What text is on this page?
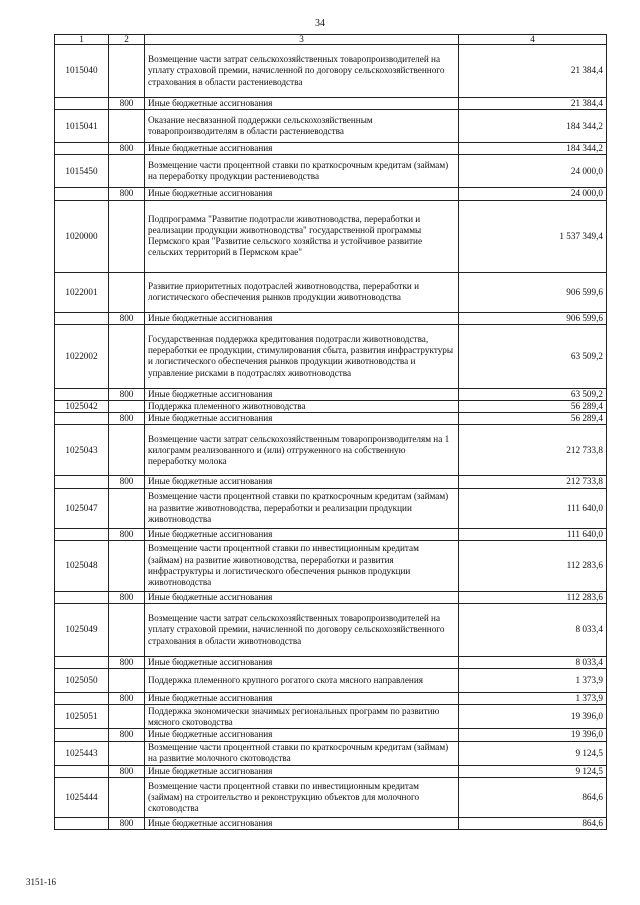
34
1	2	3	4
1015040		Возмещение части затрат сельскохозяйственных товаропроизводителей на уплату страховой премии, начисленной по договору сельскохозяйственного страхования в области растениеводства	21 384,4
	800	Иные бюджетные ассигнования	21 384,4
1015041		Оказание несвязанной поддержки сельскохозяйственным товаропроизводителям в области растениеводства	184 344,2
	800	Иные бюджетные ассигнования	184 344,2
1015450		Возмещение части процентной ставки по краткосрочным кредитам (займам) на переработку продукции растениеводства	24 000,0
	800	Иные бюджетные ассигнования	24 000,0
1020000		Подпрограмма "Развитие подотрасли животноводства, переработки и реализации продукции животноводства" государственной программы Пермского края "Развитие сельского хозяйства и устойчивое развитие сельских территорий в Пермском крае"	1 537 349,4
1022001		Развитие приоритетных подотраслей животноводства, переработки и логистического обеспечения рынков продукции животноводства	906 599,6
	800	Иные бюджетные ассигнования	906 599,6
1022002		Государственная поддержка кредитования подотрасли животноводства, переработки ее продукции, стимулирования сбыта, развития инфраструктуры и логистического обеспечения рынков продукции животноводства и управление рисками в подотраслях животноводства	63 509,2
	800	Иные бюджетные ассигнования	63 509,2
1025042		Поддержка племенного животноводства	56 289,4
	800	Иные бюджетные ассигнования	56 289,4
1025043		Возмещение части затрат сельскохозяйственным товаропроизводителям на 1 килограмм реализованного и (или) отгруженного на собственную переработку молока	212 733,8
	800	Иные бюджетные ассигнования	212 733,8
1025047		Возмещение части процентной ставки по краткосрочным кредитам (займам) на развитие животноводства, переработки и реализации продукции животноводства	111 640,0
	800	Иные бюджетные ассигнования	111 640,0
1025048		Возмещение части процентной ставки по инвестиционным кредитам (займам) на развитие животноводства, переработки и развития инфраструктуры и логистического обеспечения рынков продукции животноводства	112 283,6
	800	Иные бюджетные ассигнования	112 283,6
1025049		Возмещение части затрат сельскохозяйственных товаропроизводителей на уплату страховой премии, начисленной по договору сельскохозяйственного страхования в области животноводства	8 033,4
	800	Иные бюджетные ассигнования	8 033,4
1025050		Поддержка племенного крупного рогатого скота мясного направления	1 373,9
	800	Иные бюджетные ассигнования	1 373,9
1025051		Поддержка экономически значимых региональных программ по развитию мясного скотоводства	19 396,0
	800	Иные бюджетные ассигнования	19 396,0
1025443		Возмещение части процентной ставки по краткосрочным кредитам (займам) на развитие молочного скотоводства	9 124,5
	800	Иные бюджетные ассигнования	9 124,5
1025444		Возмещение части процентной ставки по инвестиционным кредитам (займам) на строительство и реконструкцию объектов для молочного скотоводства	864,6
	800	Иные бюджетные ассигнования	864,6
3151-16
